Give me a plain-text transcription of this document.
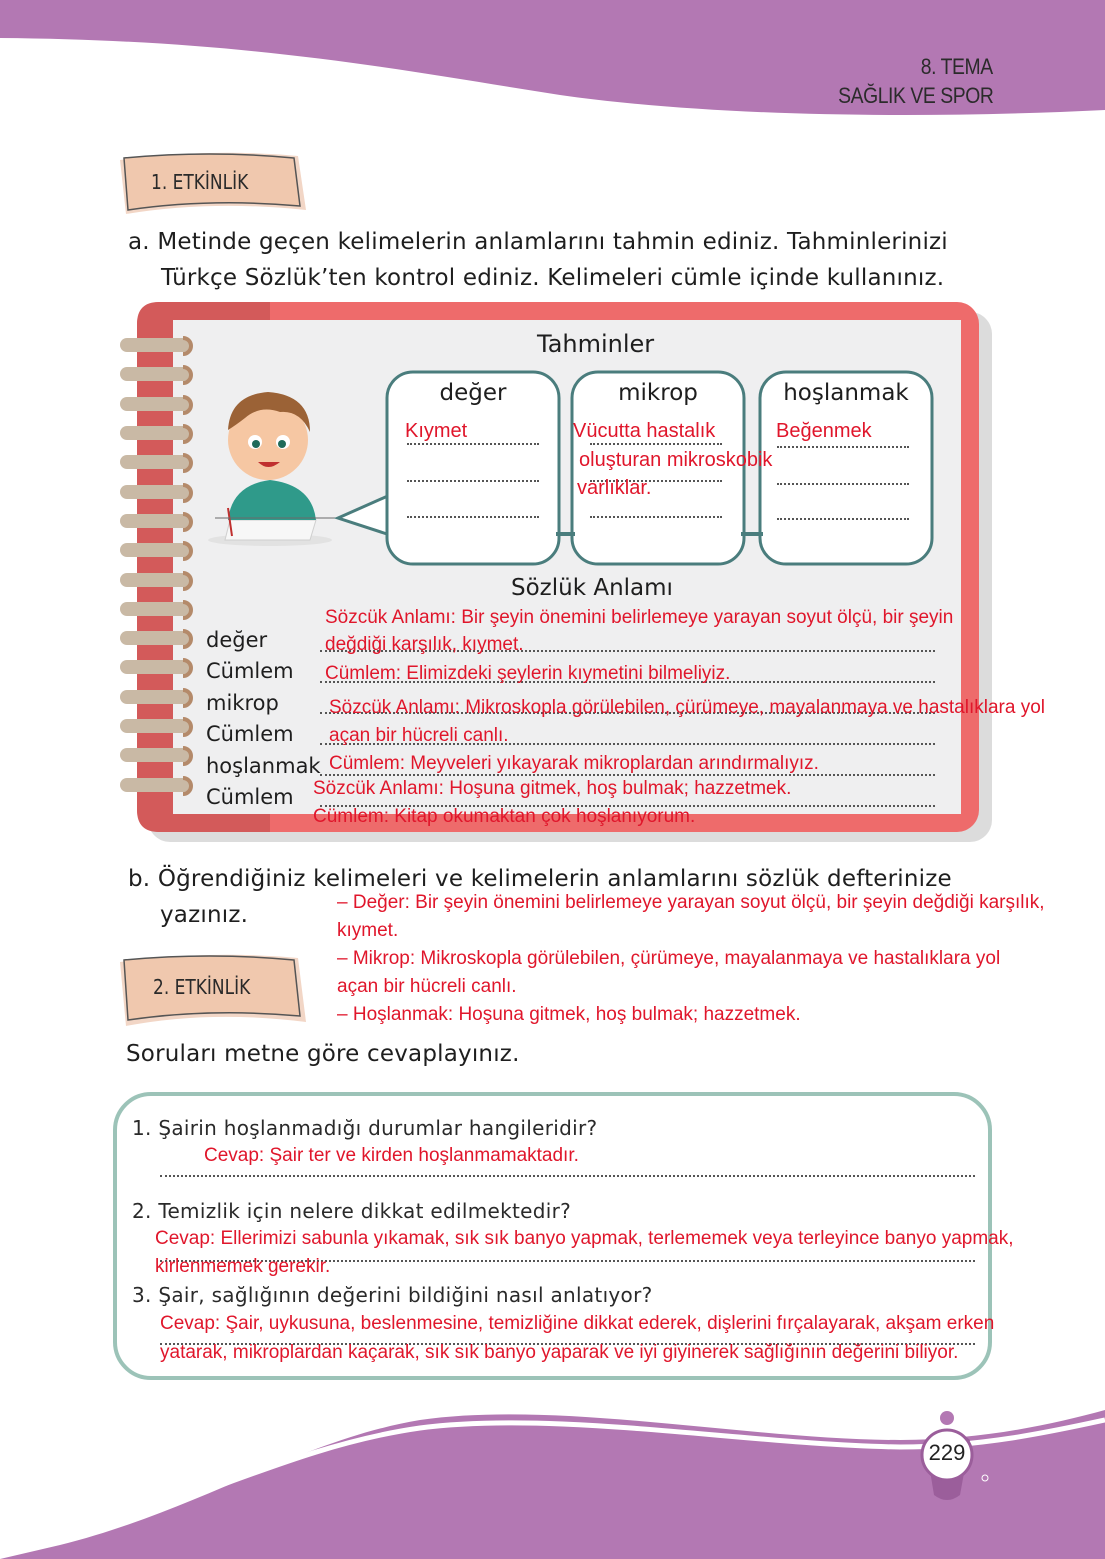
8. TEMA
SAĞLIK VE SPOR
1. ETKİNLİK
a. Metinde geçen kelimelerin anlamlarını tahmin ediniz. Tahminlerinizi
Türkçe Sözlük’ten kontrol ediniz. Kelimeleri cümle içinde kullanınız.
Tahminler
değer
Kıymet
mikrop
Vücutta hastalık
oluşturan mikroskobik
varlıklar.
hoşlanmak
Beğenmek
Sözlük Anlamı
değer
Cümlem
mikrop
Cümlem
hoşlanmak
Cümlem
Sözcük Anlamı: Bir şeyin önemini belirlemeye yarayan soyut ölçü, bir şeyin
değdiği karşılık, kıymet.
Cümlem: Elimizdeki şeylerin kıymetini bilmeliyiz.
Sözcük Anlamı: Mikroskopla görülebilen, çürümeye, mayalanmaya ve hastalıklara yol
açan bir hücreli canlı.
Cümlem: Meyveleri yıkayarak mikroplardan arındırmalıyız.
Sözcük Anlamı: Hoşuna gitmek, hoş bulmak; hazzetmek.
Cümlem: Kitap okumaktan çok hoşlanıyorum.
b. Öğrendiğiniz kelimeleri ve kelimelerin anlamlarını sözlük defterinize
yazınız.	– Değer: Bir şeyin önemini belirlemeye yarayan soyut ölçü, bir şeyin değdiği karşılık,
kıymet.
– Mikrop: Mikroskopla görülebilen, çürümeye, mayalanmaya ve hastalıklara yol
açan bir hücreli canlı.
– Hoşlanmak: Hoşuna gitmek, hoş bulmak; hazzetmek.
2. ETKİNLİK
Soruları metne göre cevaplayınız.
1. Şairin hoşlanmadığı durumlar hangileridir?
Cevap: Şair ter ve kirden hoşlanmamaktadır.
2. Temizlik için nelere dikkat edilmektedir?
Cevap: Ellerimizi sabunla yıkamak, sık sık banyo yapmak, terlememek veya terleyince banyo yapmak,
kirlenmemek gerekir.
3. Şair, sağlığının değerini bildiğini nasıl anlatıyor?
Cevap: Şair, uykusuna, beslenmesine, temizliğine dikkat ederek, dişlerini fırçalayarak, akşam erken
yatarak, mikroplardan kaçarak, sık sık banyo yaparak ve iyi giyinerek sağlığının değerini biliyor.
229
